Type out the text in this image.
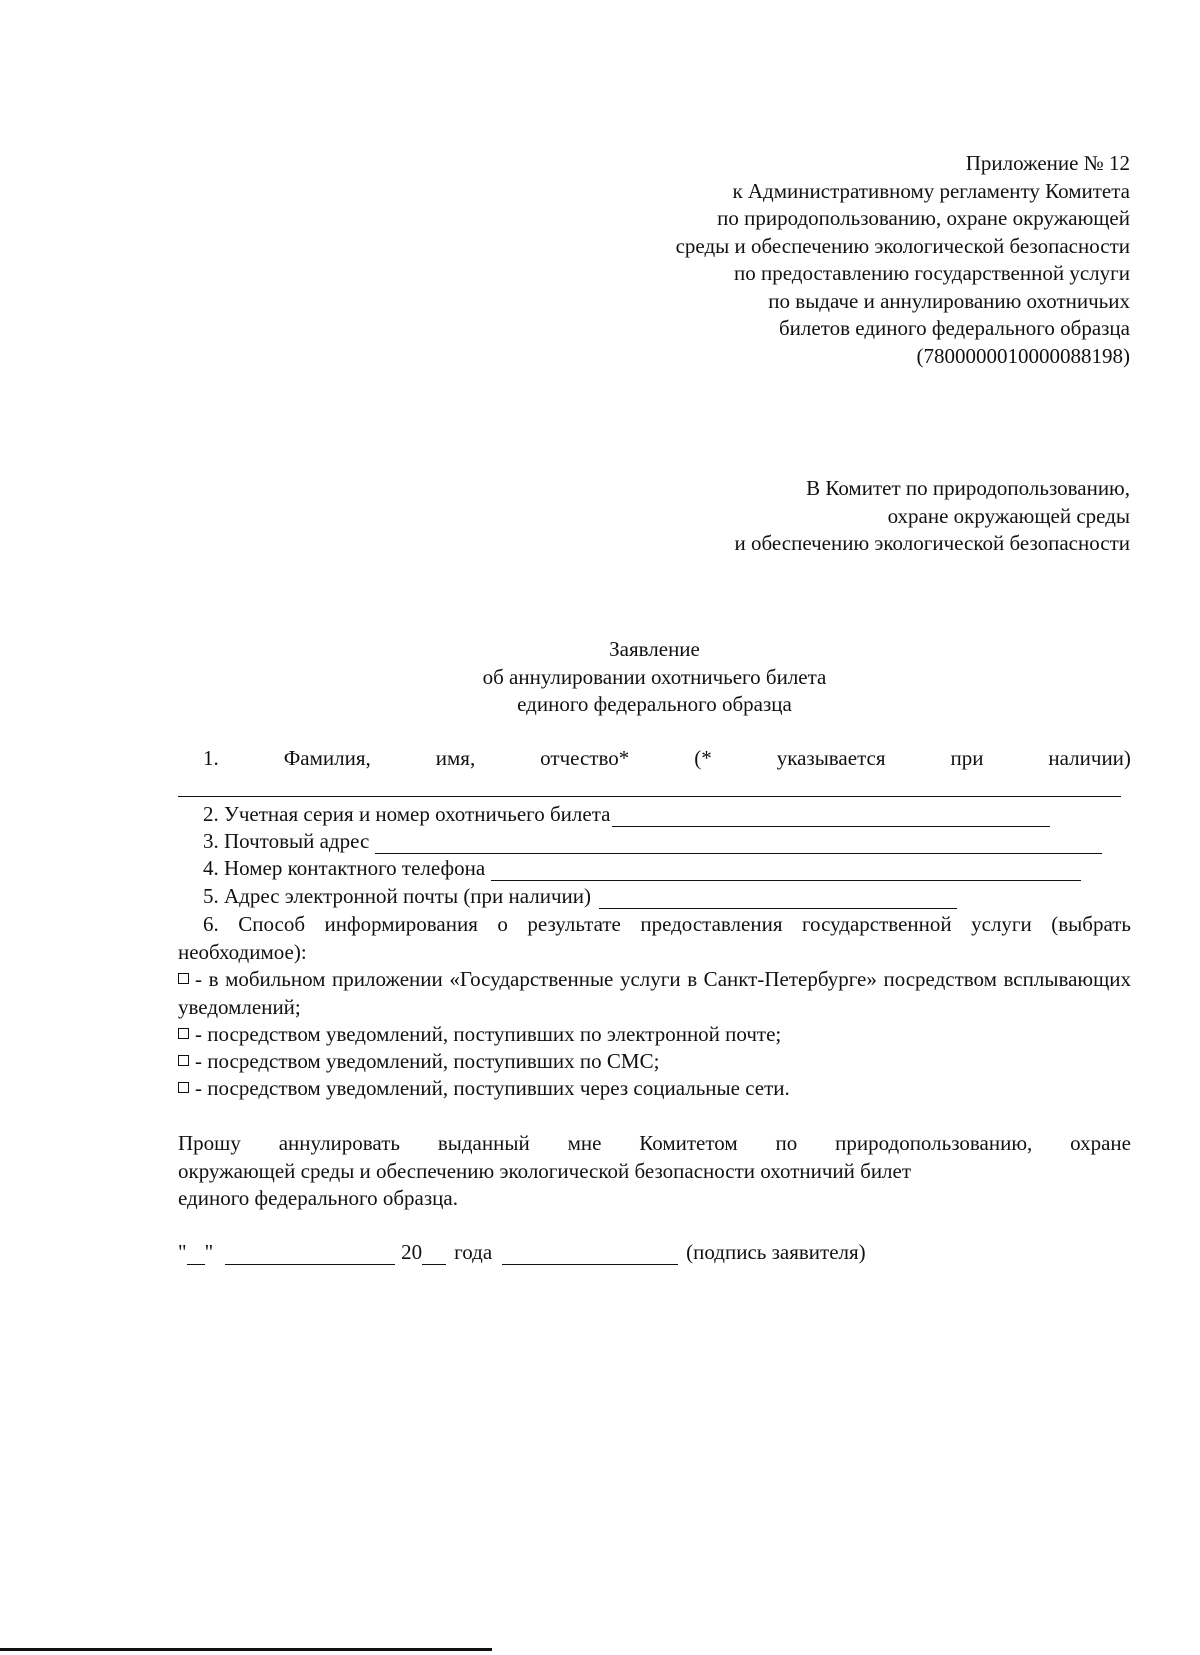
Приложение № 12
к Административному регламенту Комитета
по природопользованию, охране окружающей
среды и обеспечению экологической безопасности
по предоставлению государственной услуги
по выдаче и аннулированию охотничьих
билетов единого федерального образца
(7800000010000088198)
В Комитет по природопользованию,
охране окружающей среды
и обеспечению экологической безопасности
Заявление
об аннулировании охотничьего билета
единого федерального образца
1.	Фамилия,	имя,	отчество*	(*	указывается	при	наличии)
2. Учетная серия и номер охотничьего билета
3. Почтовый адрес
4. Номер контактного телефона
5. Адрес электронной почты (при наличии)
6. Способ информирования о результате предоставления государственной услуги (выбрать необходимое):
- в мобильном приложении «Государственные услуги в Санкт-Петербурге» посредством всплывающих уведомлений;
- посредством уведомлений, поступивших по электронной почте;
- посредством уведомлений, поступивших по СМС;
- посредством уведомлений, поступивших через социальные сети.
Прошу аннулировать выданный мне Комитетом по природопользованию, охране
окружающей среды и обеспечению экологической безопасности охотничий билет
единого федерального образца.
" "	20 года	(подпись заявителя)
